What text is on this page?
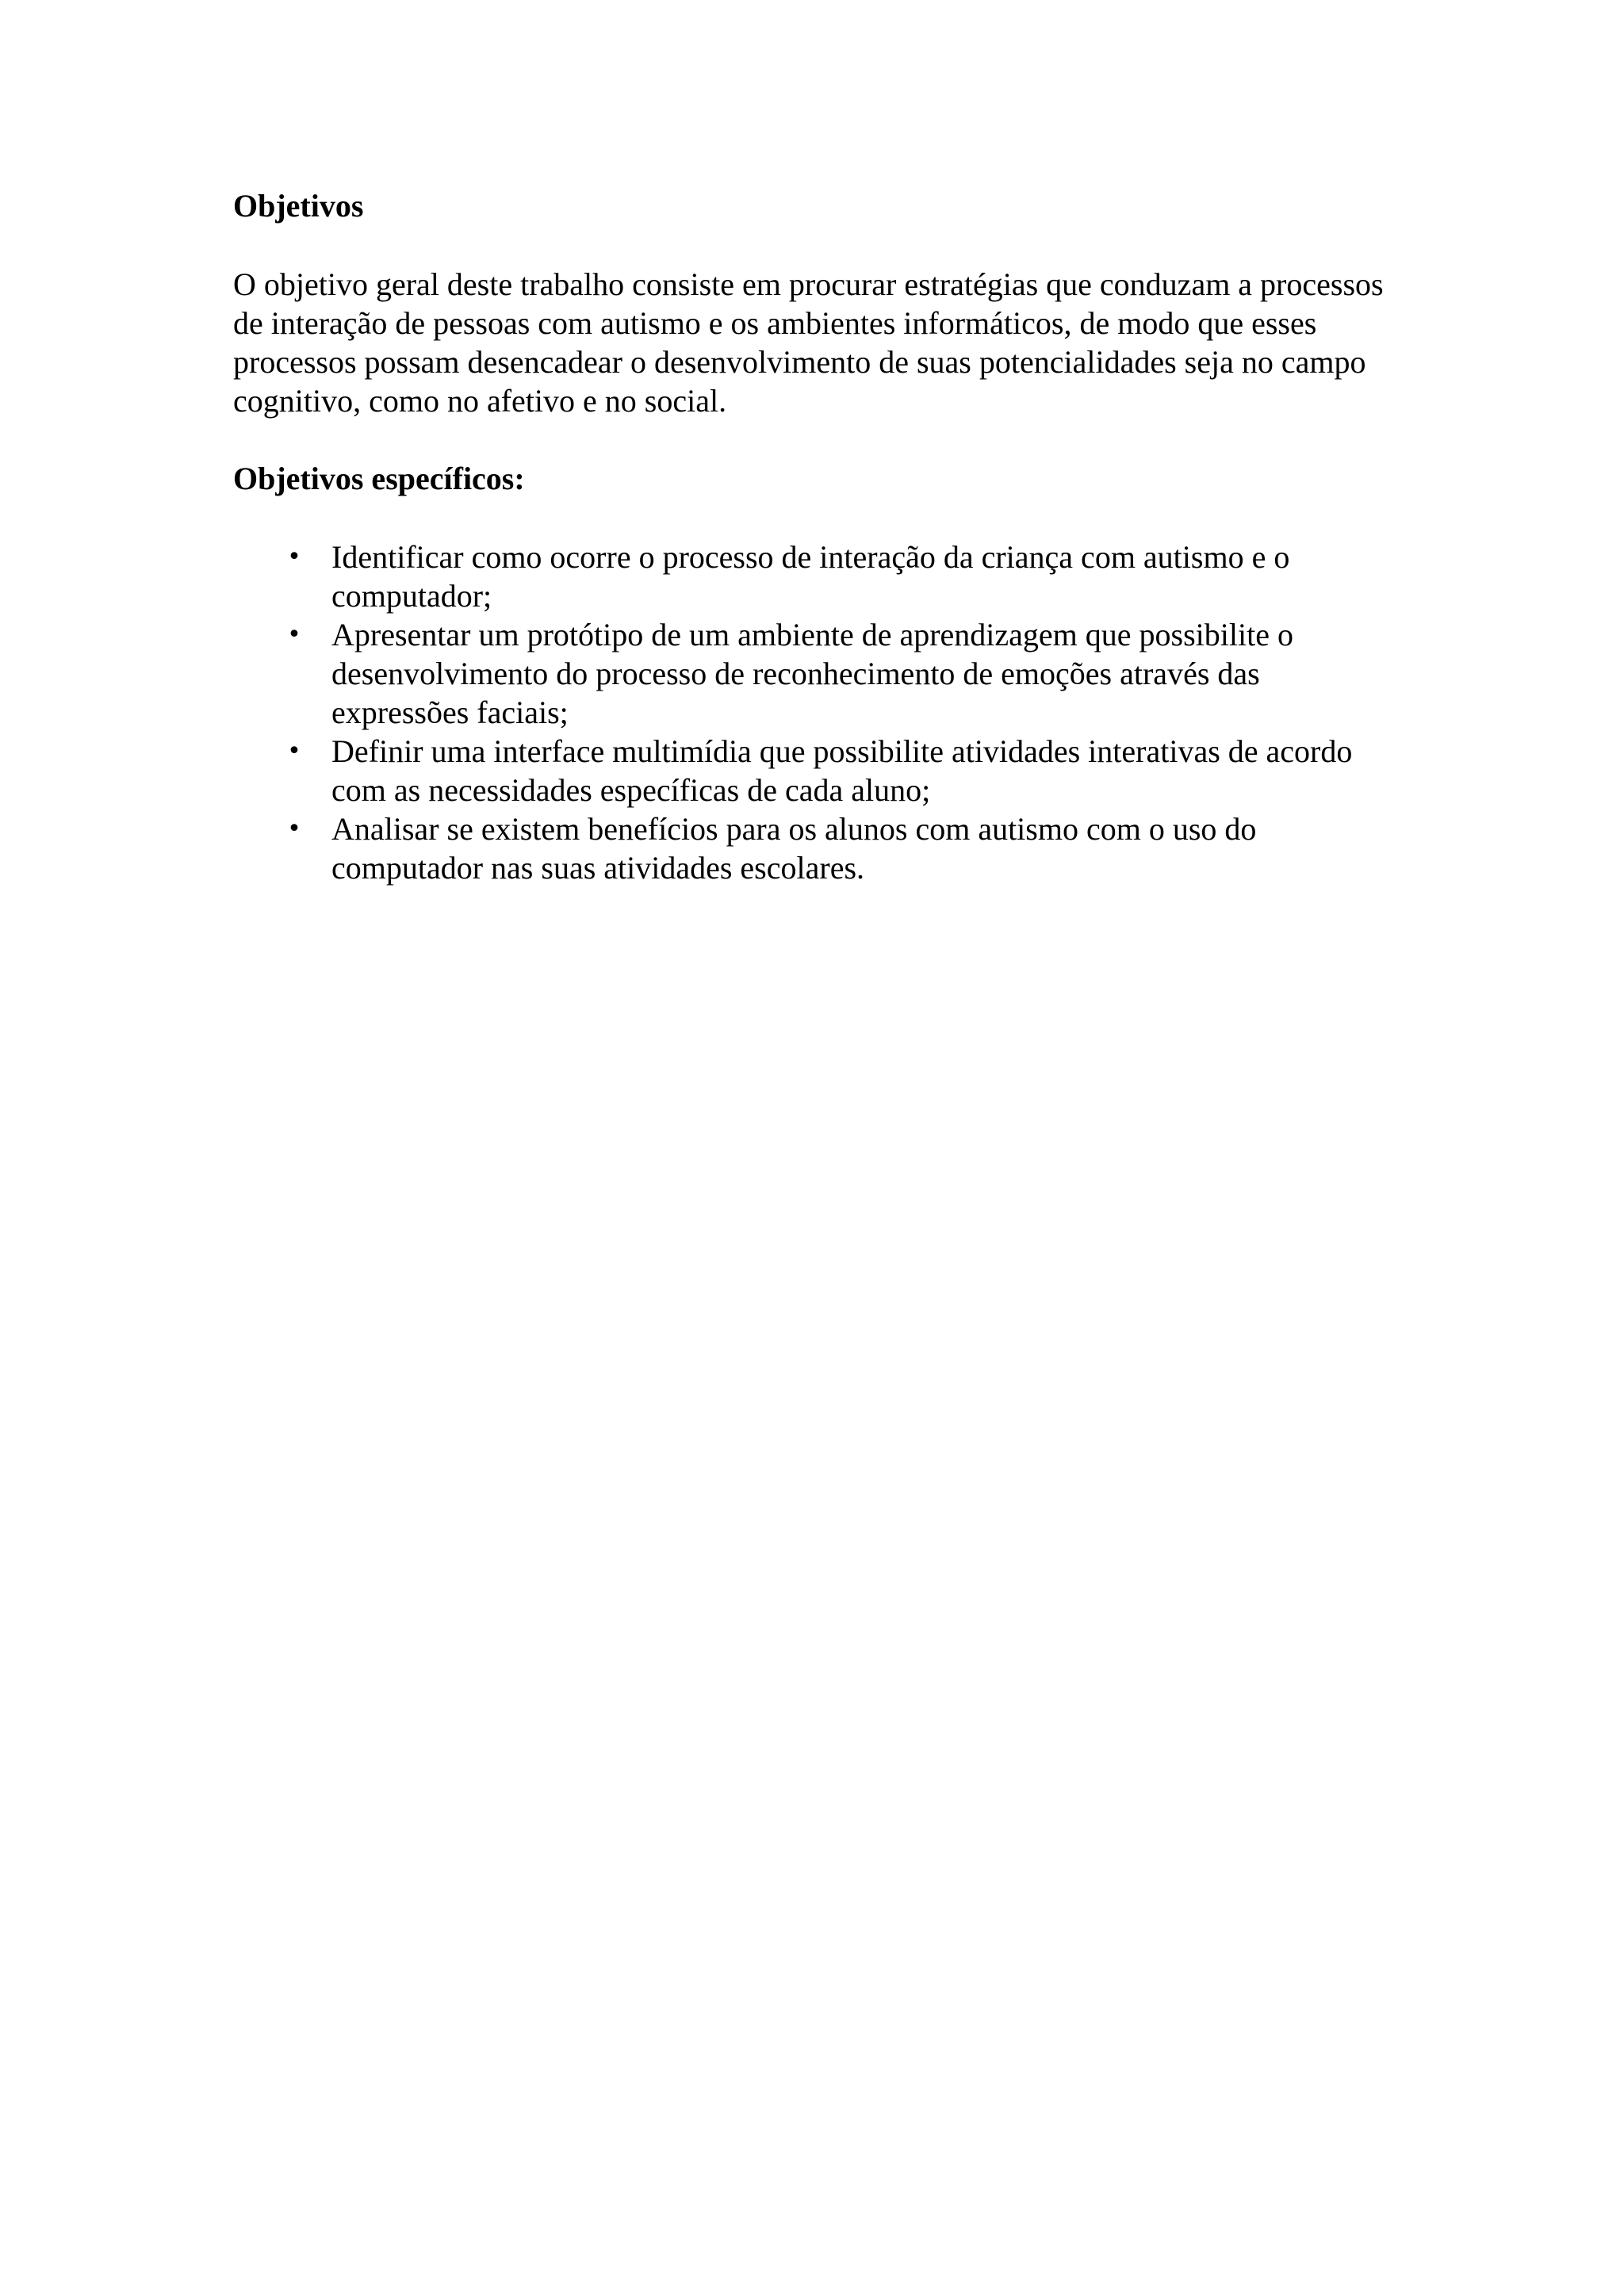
Objetivos

O objetivo geral deste trabalho consiste em procurar estratégias que conduzam a processos de interação de pessoas com autismo e os ambientes informáticos, de modo que esses processos possam desencadear o desenvolvimento de suas potencialidades seja no campo cognitivo, como no afetivo e no social.

Objetivos específicos:

• Identificar como ocorre o processo de interação da criança com autismo e o computador;
• Apresentar um protótipo de um ambiente de aprendizagem que possibilite o desenvolvimento do processo de reconhecimento de emoções através das expressões faciais;
• Definir uma interface multimídia que possibilite atividades interativas de acordo com as necessidades específicas de cada aluno;
• Analisar se existem benefícios para os alunos com autismo com o uso do computador nas suas atividades escolares.
